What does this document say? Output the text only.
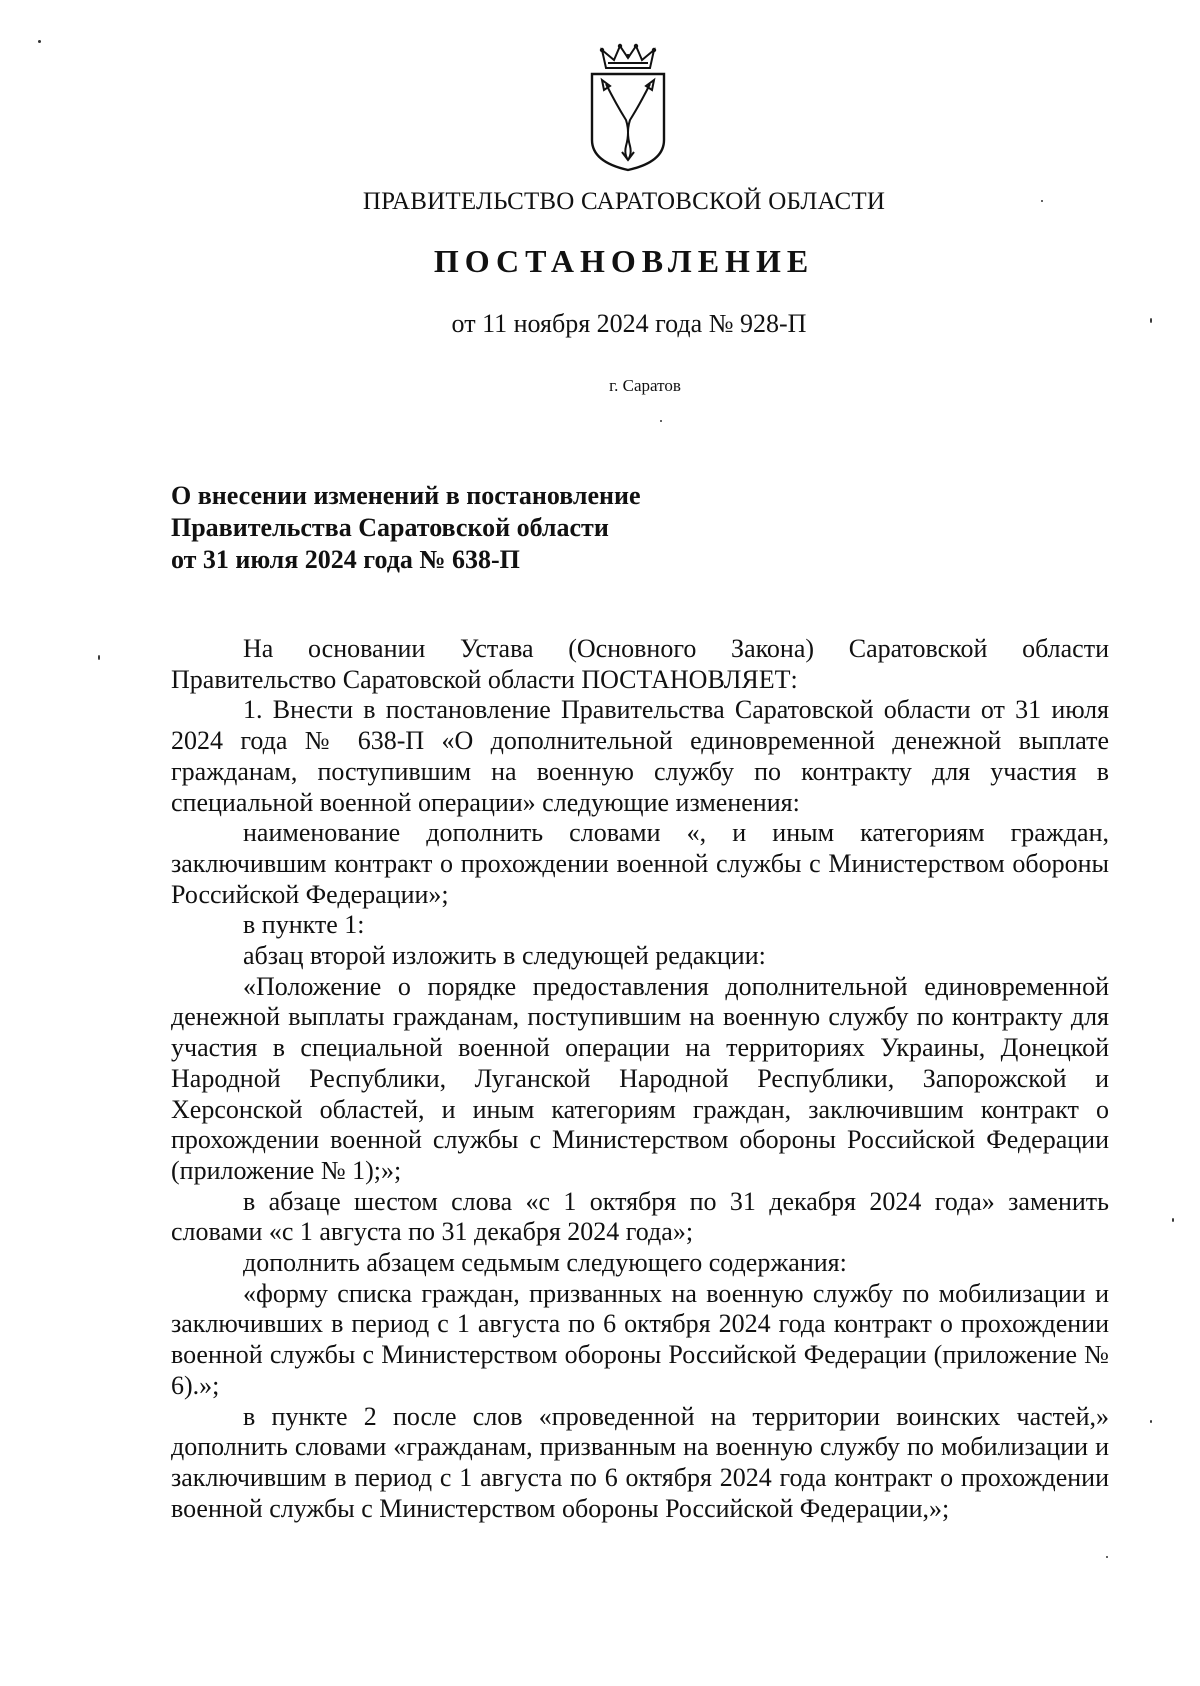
ПРАВИТЕЛЬСТВО САРАТОВСКОЙ ОБЛАСТИ
ПОСТАНОВЛЕНИЕ
от 11 ноября 2024 года № 928-П
г. Саратов
О внесении изменений в постановление
Правительства Саратовской области
от 31 июля 2024 года № 638-П

На основании Устава (Основного Закона) Саратовской области Правительство Саратовской области ПОСТАНОВЛЯЕТ:

1. Внести в постановление Правительства Саратовской области от 31 июля 2024 года № 638-П «О дополнительной единовременной денежной выплате гражданам, поступившим на военную службу по контракту для участия в специальной военной операции» следующие изменения:

наименование дополнить словами «, и иным категориям граждан, заключившим контракт о прохождении военной службы с Министерством обороны Российской Федерации»;

в пункте 1:

абзац второй изложить в следующей редакции:

«Положение о порядке предоставления дополнительной единовременной денежной выплаты гражданам, поступившим на военную службу по контракту для участия в специальной военной операции на территориях Украины, Донецкой Народной Республики, Луганской Народной Республики, Запорожской и Херсонской областей, и иным категориям граждан, заключившим контракт о прохождении военной службы с Министерством обороны Российской Федерации (приложение № 1);»;

в абзаце шестом слова «с 1 октября по 31 декабря 2024 года» заменить словами «с 1 августа по 31 декабря 2024 года»;

дополнить абзацем седьмым следующего содержания:

«форму списка граждан, призванных на военную службу по мобилизации и заключивших в период с 1 августа по 6 октября 2024 года контракт о прохождении военной службы с Министерством обороны Российской Федерации (приложение № 6).»;

в пункте 2 после слов «проведенной на территории воинских частей,» дополнить словами «гражданам, призванным на военную службу по мобилизации и заключившим в период с 1 августа по 6 октября 2024 года контракт о прохождении военной службы с Министерством обороны Российской Федерации,»;
